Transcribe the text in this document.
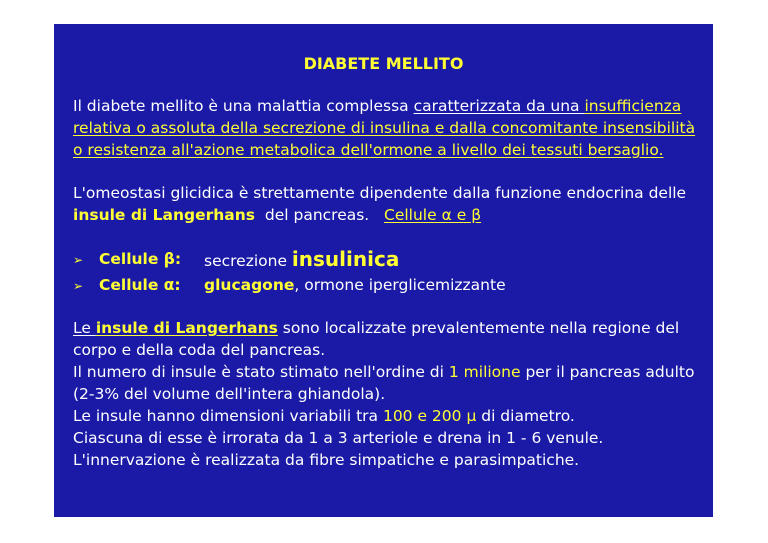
DIABETE MELLITO
Il diabete mellito è una malattia complessa caratterizzata da una insufficienza
relativa o assoluta della secrezione di insulina e dalla concomitante insensibilità
o resistenza all'azione metabolica dell'ormone a livello dei tessuti bersaglio.
L'omeostasi glicidica è strettamente dipendente dalla funzione endocrina delle
insule di Langerhans  del pancreas.   Cellule α e β
➢ Cellule β: secrezione insulinica
➢ Cellule α: glucagone, ormone iperglicemizzante
Le insule di Langerhans sono localizzate prevalentemente nella regione del
corpo e della coda del pancreas.
Il numero di insule è stato stimato nell'ordine di 1 milione per il pancreas adulto
(2-3% del volume dell'intera ghiandola).
Le insule hanno dimensioni variabili tra 100 e 200 μ di diametro.
Ciascuna di esse è irrorata da 1 a 3 arteriole e drena in 1 - 6 venule.
L'innervazione è realizzata da fibre simpatiche e parasimpatiche.
